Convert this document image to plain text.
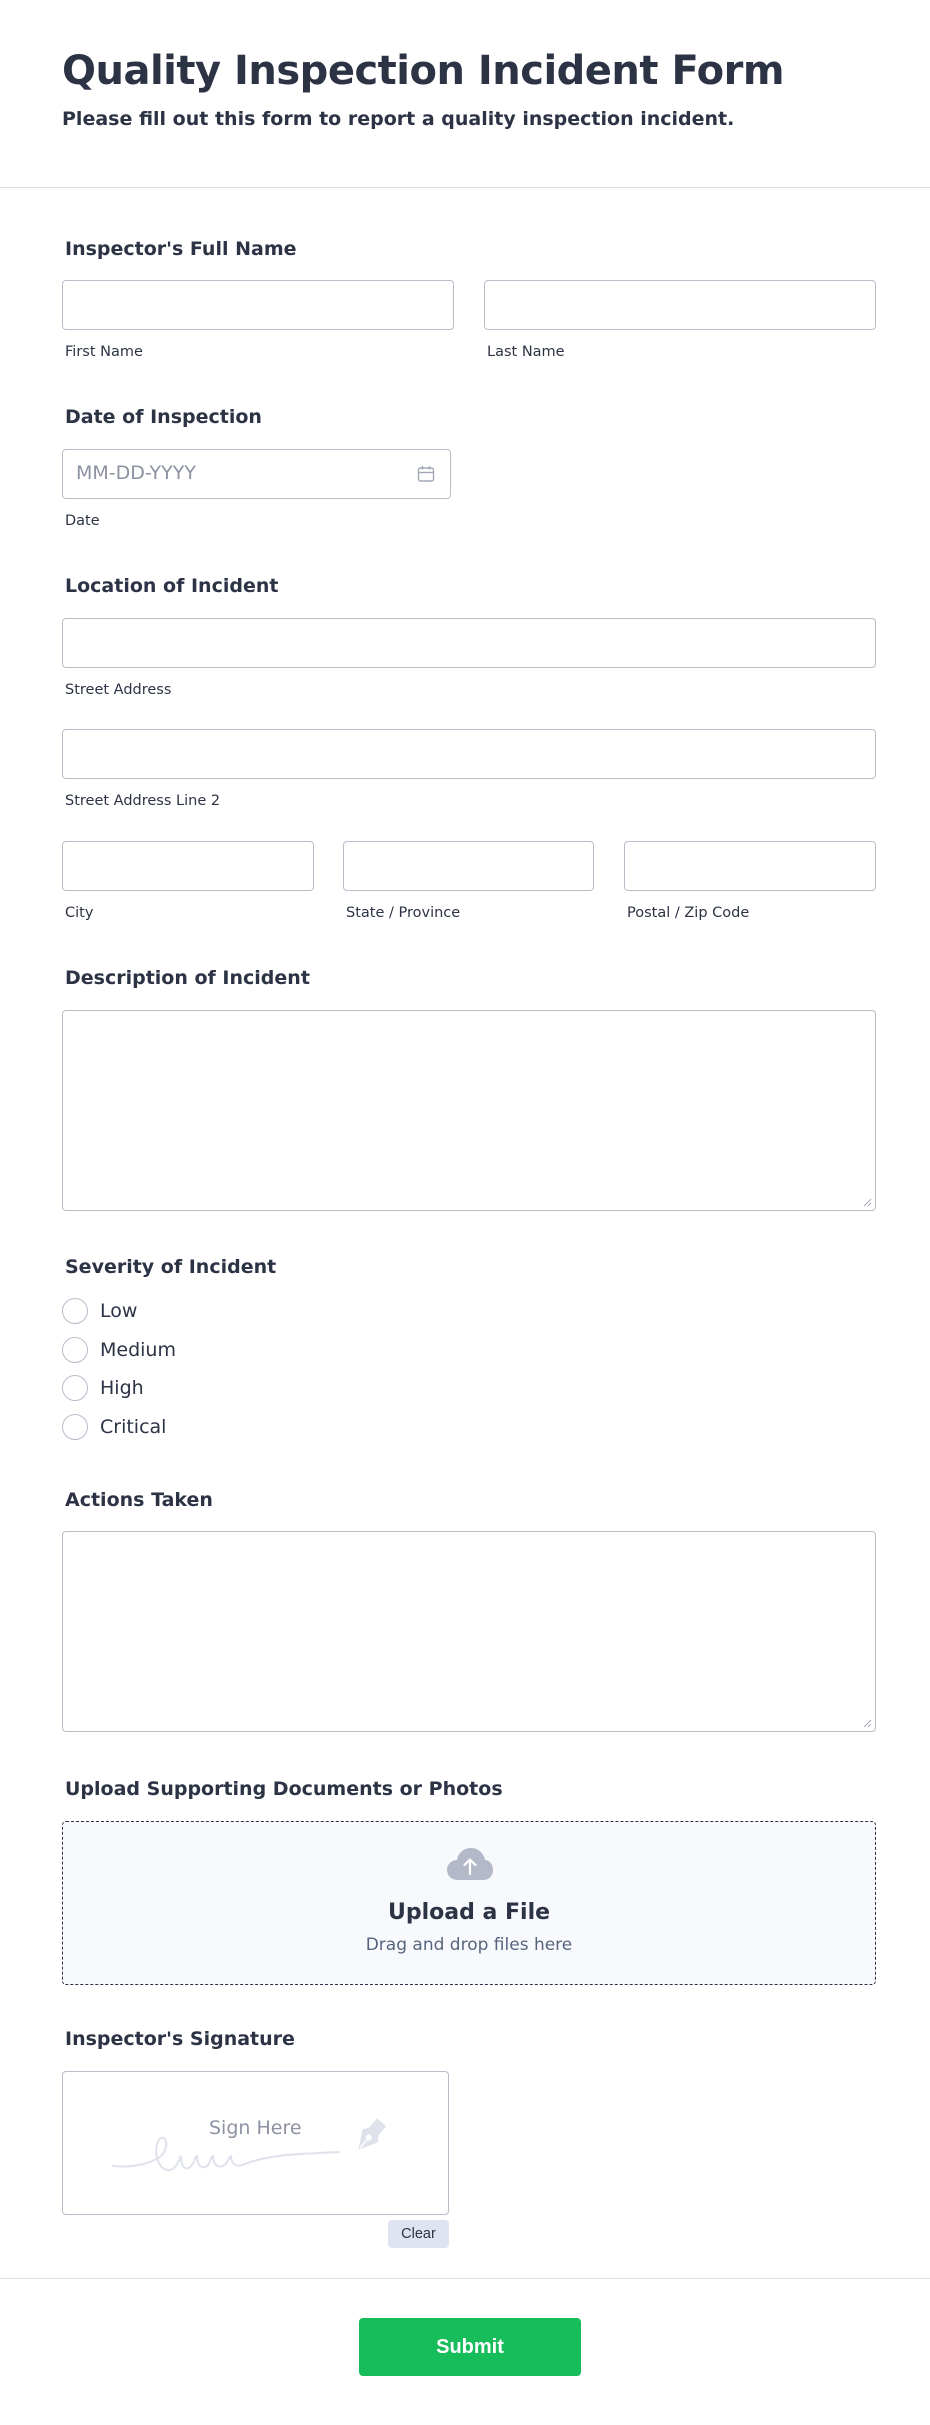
Quality Inspection Incident Form
Please fill out this form to report a quality inspection incident.
Inspector's Full Name
First Name	Last Name
Date of Inspection
MM-DD-YYYY
Date
Location of Incident
Street Address
Street Address Line 2
City	State / Province	Postal / Zip Code
Description of Incident
Severity of Incident
Low
Medium
High
Critical
Actions Taken
Upload Supporting Documents or Photos
Upload a File
Drag and drop files here
Inspector's Signature
Sign Here
Clear
Submit
